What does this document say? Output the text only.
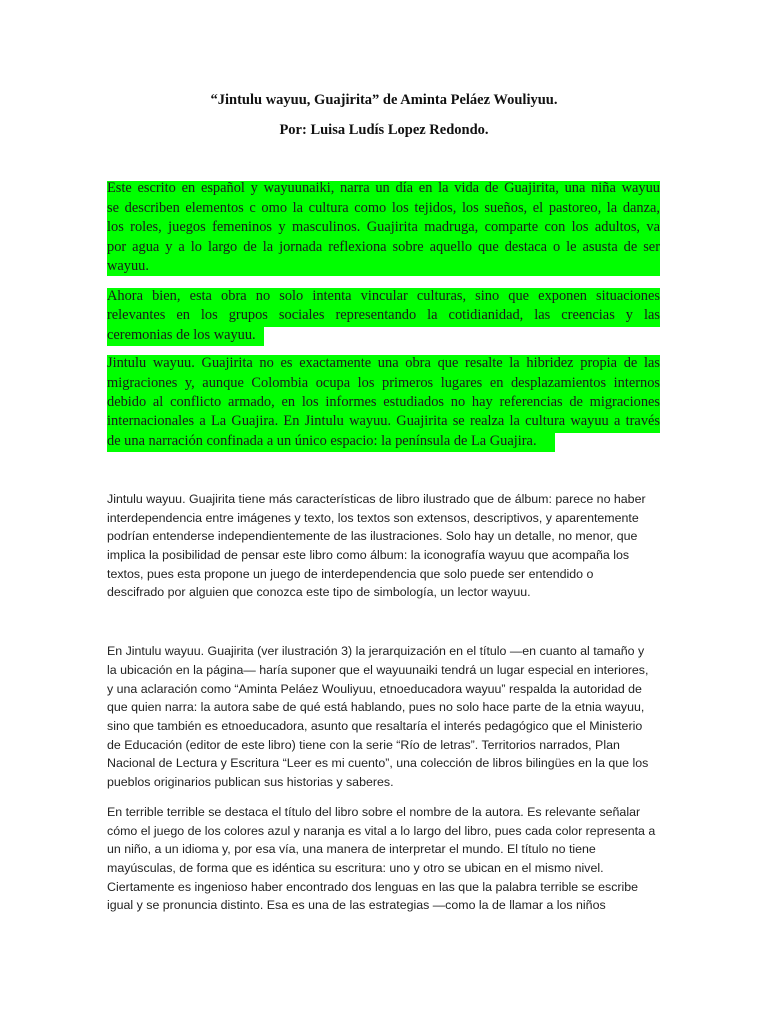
“Jintulu wayuu, Guajirita” de Aminta Peláez Wouliyuu.
Por: Luisa Ludís Lopez Redondo.
Este escrito en español y wayuunaiki, narra un día en la vida de Guajirita, una niña wayuu
se describen elementos c omo la cultura como los tejidos, los sueños, el pastoreo, la danza,
los roles, juegos femeninos y masculinos. Guajirita madruga, comparte con los adultos, va
por agua y a lo largo de la jornada reflexiona sobre aquello que destaca o le asusta de ser
wayuu.
Ahora bien, esta obra no solo intenta vincular culturas, sino que exponen situaciones
relevantes en los grupos sociales representando la cotidianidad, las creencias y las
ceremonias de los wayuu.
Jintulu wayuu. Guajirita no es exactamente una obra que resalte la hibridez propia de las
migraciones y, aunque Colombia ocupa los primeros lugares en desplazamientos internos
debido al conflicto armado, en los informes estudiados no hay referencias de migraciones
internacionales a La Guajira. En Jintulu wayuu. Guajirita se realza la cultura wayuu a través
de una narración confinada a un único espacio: la península de La Guajira.
Jintulu wayuu. Guajirita tiene más características de libro ilustrado que de álbum: parece no haber
interdependencia entre imágenes y texto, los textos son extensos, descriptivos, y aparentemente
podrían entenderse independientemente de las ilustraciones. Solo hay un detalle, no menor, que
implica la posibilidad de pensar este libro como álbum: la iconografía wayuu que acompaña los
textos, pues esta propone un juego de interdependencia que solo puede ser entendido o
descifrado por alguien que conozca este tipo de simbología, un lector wayuu.
En Jintulu wayuu. Guajirita (ver ilustración 3) la jerarquización en el título —en cuanto al tamaño y
la ubicación en la página— haría suponer que el wayuunaiki tendrá un lugar especial en interiores,
y una aclaración como “Aminta Peláez Wouliyuu, etnoeducadora wayuu” respalda la autoridad de
que quien narra: la autora sabe de qué está hablando, pues no solo hace parte de la etnia wayuu,
sino que también es etnoeducadora, asunto que resaltaría el interés pedagógico que el Ministerio
de Educación (editor de este libro) tiene con la serie “Río de letras”. Territorios narrados, Plan
Nacional de Lectura y Escritura “Leer es mi cuento”, una colección de libros bilingües en la que los
pueblos originarios publican sus historias y saberes.
En terrible terrible se destaca el título del libro sobre el nombre de la autora. Es relevante señalar
cómo el juego de los colores azul y naranja es vital a lo largo del libro, pues cada color representa a
un niño, a un idioma y, por esa vía, una manera de interpretar el mundo. El título no tiene
mayúsculas, de forma que es idéntica su escritura: uno y otro se ubican en el mismo nivel.
Ciertamente es ingenioso haber encontrado dos lenguas en las que la palabra terrible se escribe
igual y se pronuncia distinto. Esa es una de las estrategias —como la de llamar a los niños
